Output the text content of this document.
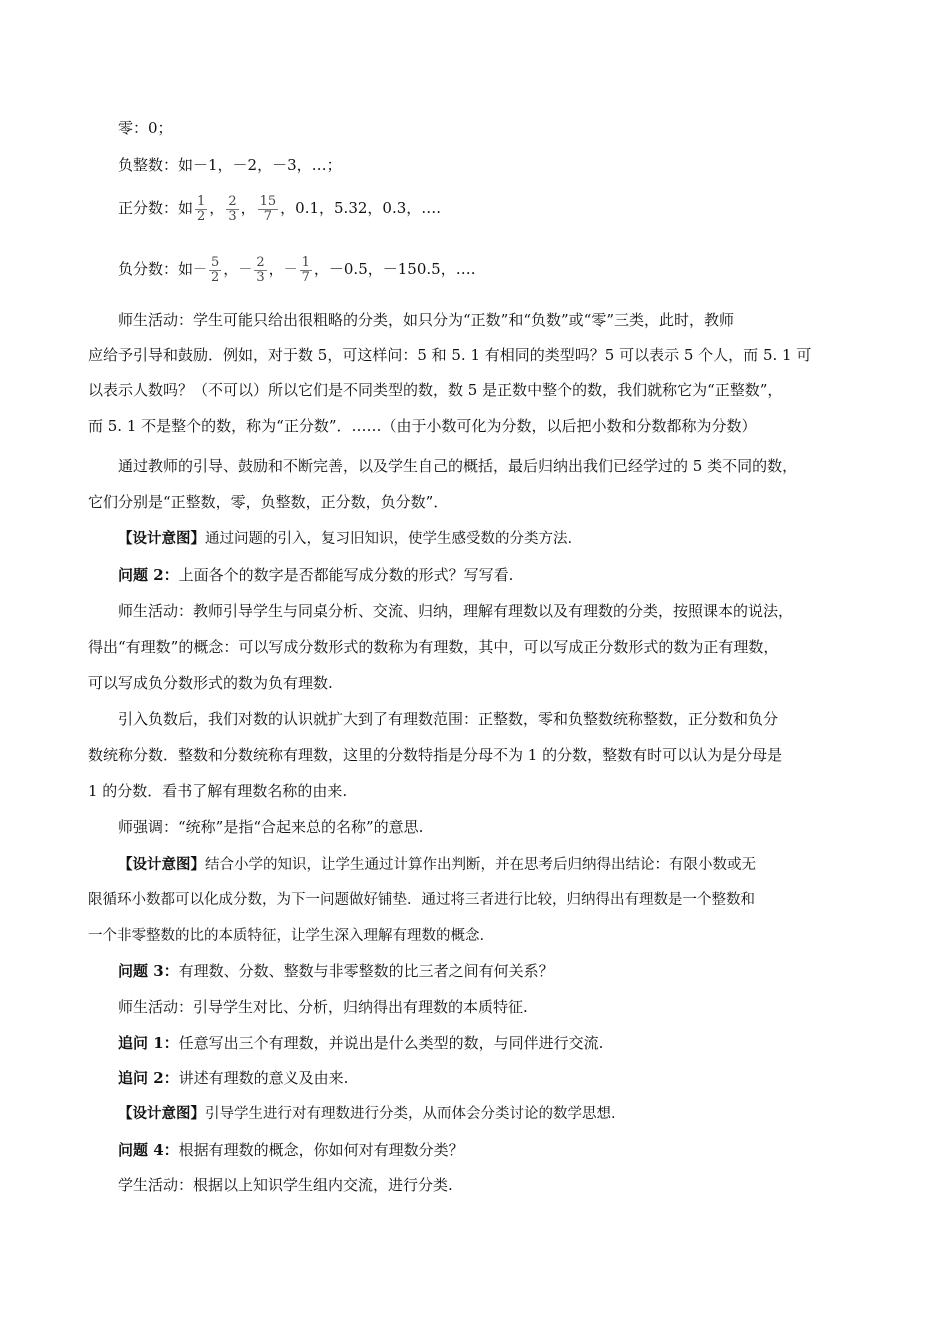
零：0；
负整数：如－1，－2，－3，…；
正分数：如 $\frac{1}{2}$ ， $\frac{2}{3}$ ， $\frac{15}{7}$ ，0.1，5.32，0.3，….
负分数：如－ $\frac{5}{2}$ ，－ $\frac{2}{3}$ ，－ $\frac{1}{7}$ ，－0.5，－150.5，….
师生活动：学生可能只给出很粗略的分类，如只分为“正数”和“负数”或“零”三类，此时，教师
应给予引导和鼓励．例如，对于数 5，可这样问：5 和 5. 1 有相同的类型吗？5 可以表示 5 个人，而 5. 1 可
以表示人数吗？（不可以）所以它们是不同类型的数，数 5 是正数中整个的数，我们就称它为“正整数”，
而 5. 1 不是整个的数，称为“正分数”．……（由于小数可化为分数，以后把小数和分数都称为分数）
通过教师的引导、鼓励和不断完善，以及学生自己的概括，最后归纳出我们已经学过的 5 类不同的数，
它们分别是“正整数，零，负整数，正分数，负分数”．
【设计意图】通过问题的引入，复习旧知识，使学生感受数的分类方法.
问题 2：上面各个的数字是否都能写成分数的形式？写写看.
师生活动：教师引导学生与同桌分析、交流、归纳，理解有理数以及有理数的分类，按照课本的说法，
得出“有理数”的概念：可以写成分数形式的数称为有理数，其中，可以写成正分数形式的数为正有理数，
可以写成负分数形式的数为负有理数.
引入负数后，我们对数的认识就扩大到了有理数范围：正整数，零和负整数统称整数，正分数和负分
数统称分数．整数和分数统称有理数，这里的分数特指是分母不为 1 的分数，整数有时可以认为是分母是
1 的分数．看书了解有理数名称的由来.
师强调：“统称”是指“合起来总的名称”的意思.
【设计意图】结合小学的知识，让学生通过计算作出判断，并在思考后归纳得出结论：有限小数或无
限循环小数都可以化成分数，为下一问题做好铺垫．通过将三者进行比较，归纳得出有理数是一个整数和
一个非零整数的比的本质特征，让学生深入理解有理数的概念.
问题 3：有理数、分数、整数与非零整数的比三者之间有何关系？
师生活动：引导学生对比、分析，归纳得出有理数的本质特征.
追问 1：任意写出三个有理数，并说出是什么类型的数，与同伴进行交流.
追问 2：讲述有理数的意义及由来.
【设计意图】引导学生进行对有理数进行分类，从而体会分类讨论的数学思想.
问题 4：根据有理数的概念，你如何对有理数分类？
学生活动：根据以上知识学生组内交流，进行分类.
